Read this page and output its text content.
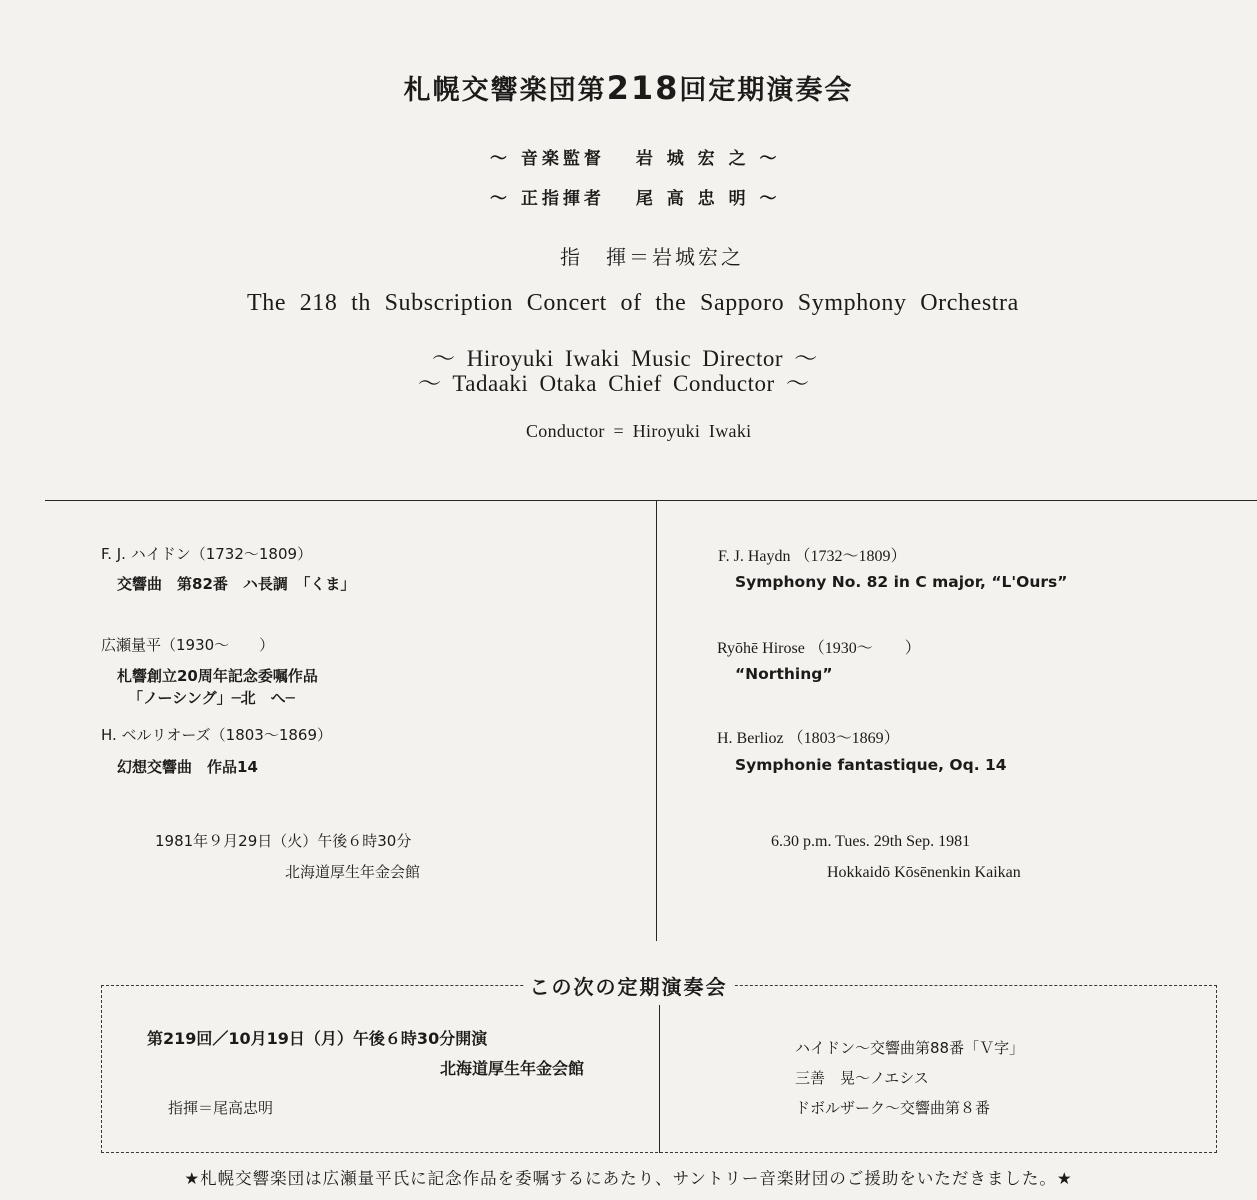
札幌交響楽団第218回定期演奏会
～ 音楽監督　 岩 城 宏 之 ～
～ 正指揮者　 尾 高 忠 明 ～
指　揮＝岩城宏之
The 218 th Subscription Concert of the Sapporo Symphony Orchestra
～ Hiroyuki Iwaki Music Director ～
～ Tadaaki Otaka Chief Conductor ～
Conductor = Hiroyuki Iwaki
F. J. ハイドン（1732～1809）
交響曲　第82番　ハ長調　「くま」
広瀬量平（1930～　　）
札響創立20周年記念委嘱作品
「ノーシング」─北　へ─
H. ベルリオーズ（1803～1869）
幻想交響曲　作品14
1981年９月29日（火）午後６時30分
北海道厚生年金会館
F. J. Haydn （1732～1809）
Symphony No. 82 in C major, “L'Ours”
Ryōhē Hirose （1930～　　）
“Northing”
H. Berlioz （1803～1869）
Symphonie fantastique, Oq. 14
6.30 p.m. Tues. 29th Sep. 1981
Hokkaidō Kōsēnenkin Kaikan
この次の定期演奏会
第219回／10月19日（月）午後６時30分開演
北海道厚生年金会館
指揮＝尾高忠明
ハイドン～交響曲第88番「Ｖ字」
三善　晃～ノエシス
ドボルザーク～交響曲第８番
★札幌交響楽団は広瀬量平氏に記念作品を委嘱するにあたり、サントリー音楽財団のご援助をいただきました。★
